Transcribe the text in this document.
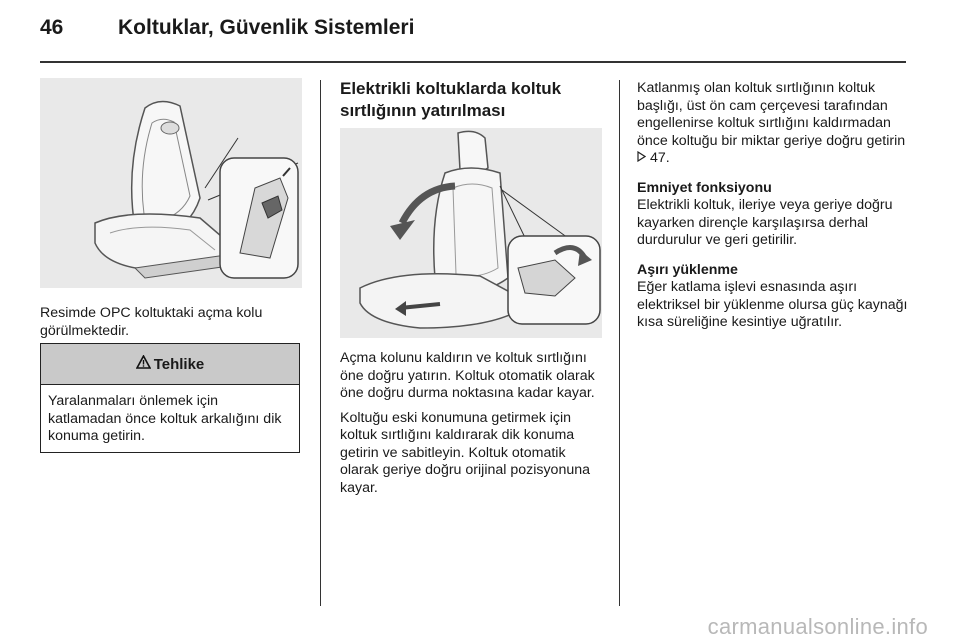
46	Koltuklar, Güvenlik Sistemleri

Resimde OPC koltuktaki açma kolu görülmektedir.

Tehlike
Yaralanmaları önlemek için katlamadan önce koltuk arkalığını dik konuma getirin.
Elektrikli koltuklarda koltuk sırtlığının yatırılması

Açma kolunu kaldırın ve koltuk sırtlığını öne doğru yatırın. Koltuk otomatik olarak öne doğru durma noktasına kadar kayar.

Koltuğu eski konumuna getirmek için koltuk sırtlığını kaldırarak dik konuma getirin ve sabitleyin. Koltuk otomatik olarak geriye doğru orijinal pozisyonuna kayar.

Katlanmış olan koltuk sırtlığının koltuk başlığı, üst ön cam çerçevesi tarafından engellenirse koltuk sırtlığını kaldırmadan önce koltuğu bir miktar geriye doğru getirin  47.

Emniyet fonksiyonu

Elektrikli koltuk, ileriye veya geriye doğru kayarken dirençle karşılaşırsa derhal durdurulur ve geri getirilir.

Aşırı yüklenme

Eğer katlama işlevi esnasında aşırı elektriksel bir yüklenme olursa güç kaynağı kısa süreliğine kesintiye uğratılır.

carmanualsonline.info
